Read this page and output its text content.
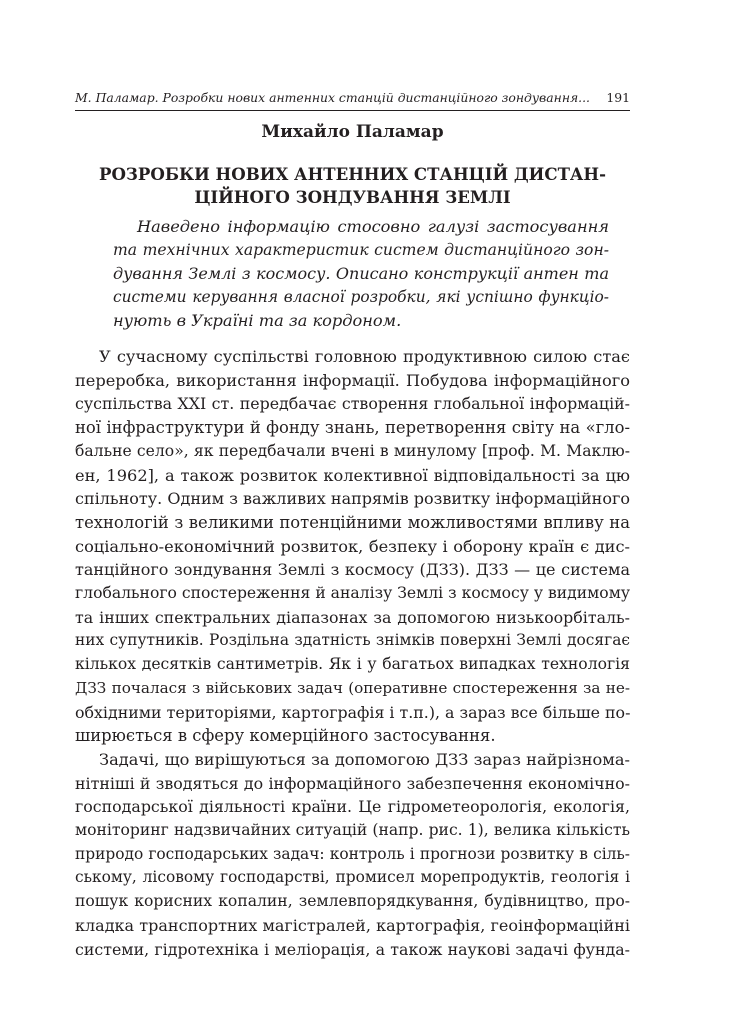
М. Паламар. Розробки нових антенних станцій дистанційного зондування... 191
Михайло Паламар
РОЗРОБКИ НОВИХ АНТЕННИХ СТАНЦІЙ ДИСТАН-
ЦІЙНОГО ЗОНДУВАННЯ ЗЕМЛІ
Наведено інформацію стосовно галузі застосування
та технічних характеристик систем дистанційного зон-
дування Землі з космосу. Описано конструкції антен та
системи керування власної розробки, які успішно функціо-
нують в Україні та за кордоном.
У сучасному суспільстві головною продуктивною силою стає
переробка, використання інформації. Побудова інформаційного
суспільства XXI ст. передбачає створення глобальної інформацій-
ної інфраструктури й фонду знань, перетворення світу на «гло-
бальне село», як передбачали вчені в минулому [проф. М. Маклю-
ен, 1962], а також розвиток колективної відповідальності за цю
спільноту. Одним з важливих напрямів розвитку інформаційного
технологій з великими потенційними можливостями впливу на
соціально-економічний розвиток, безпеку і оборону країн є дис-
танційного зондування Землі з космосу (ДЗЗ). ДЗЗ — це система
глобального спостереження й аналізу Землі з космосу у видимому
та інших спектральних діапазонах за допомогою низькоорбіталь-
них супутників. Роздільна здатність знімків поверхні Землі досягає
кількох десятків сантиметрів. Як і у багатьох випадках технологія
ДЗЗ почалася з військових задач (оперативне спостереження за не-
обхідними територіями, картографія і т.п.), а зараз все більше по-
ширюється в сферу комерційного застосування.
Задачі, що вирішуються за допомогою ДЗЗ зараз найрізнома-
нітніші й зводяться до інформаційного забезпечення економічно-
господарської діяльності країни. Це гідрометеорологія, екологія,
моніторинг надзвичайних ситуацій (напр. рис. 1), велика кількість
природо господарських задач: контроль і прогнози розвитку в сіль-
ському, лісовому господарстві, промисел морепродуктів, геологія і
пошук корисних копалин, землевпорядкування, будівництво, про-
кладка транспортних магістралей, картографія, геоінформаційні
системи, гідротехніка і меліорація, а також наукові задачі фунда-
